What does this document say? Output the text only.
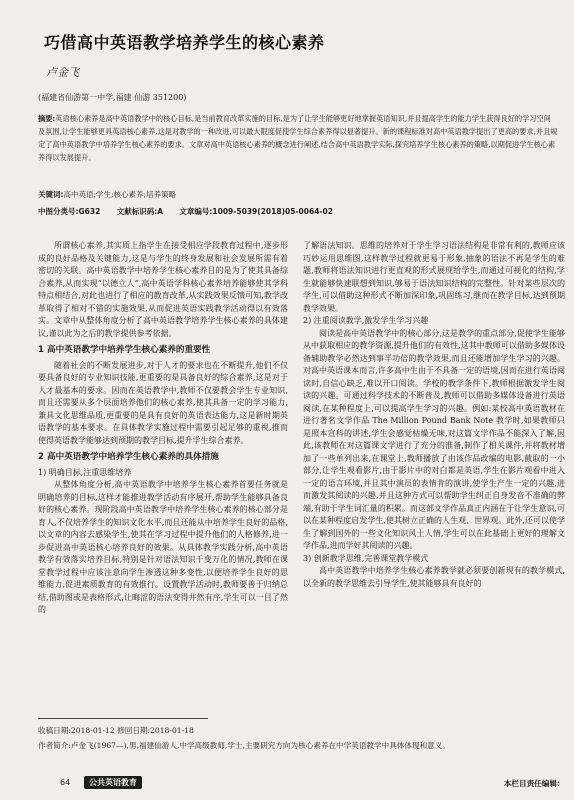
巧借高中英语教学培养学生的核心素养
卢金飞
(福建省仙游第一中学,福建 仙游 351200)
摘要:英语核心素养是高中英语教学中的核心目标,是当前教育改革实施的目标,是为了让学生能够更好地掌握英语知识,并且提高学生的能力学生获得良好的学习空间及氛围,让学生能够更具英语核心素养,这是对教学的一种改进,可以最大限度促使学生综合素养得以显著提升。新的课程标准对高中英语教学提出了更高的要求,并且规定了高中英语教学中培养学生核心素养的要求。文章对高中英语核心素养的概念进行阐述,结合高中英语教学实际,探究培养学生核心素养的策略,以期促进学生核心素养得以发展提升。
关键词:高中英语;学生;核心素养;培养策略
中图分类号:G632 文献标识码:A 文章编号:1009-5039(2018)05-0064-02

所谓核心素养,其实质上指学生在接受相应学段教育过程中,逐步形成的良好品格及关键能力,这是与学生的终身发展和社会发展所需有着密切的关联。高中英语教学中培养学生核心素养目的是为了使其具备综合素养,从而实现“以德立人”,高中英语学科核心素养培养能够使其学科特点相结合,对此也进行了相应的教育改革,从实践效果反馈可知,教学改革取得了相对不错的实施效果,从而促进英语实践教学活动得以有效落实。文章中从整体角度分析了高中英语教学培养学生核心素养的具体建议,谨以此为之后的教学提供参考依据。

1 高中英语教学中培养学生核心素养的重要性

随着社会的不断发展进步,对于人才的要求也在不断提升,他们不仅要具备良好的专业知识技能,更重要的是具备良好的综合素养,这是对于人才最基本的要求。因而在英语教学中,教师不仅要教会学生专业知识,而且还需要从多个层面培养他们的核心素养,使其具备一定的学习能力,兼具文化思维品质,更重要的是具有良好的英语表达能力,这是新时期英语教学的基本要求。在具体教学实施过程中需要引起足够的重视,推而使得英语教学能够达到预期的教学目标,提升学生综合素养。

2 高中英语教学中培养学生核心素养的具体措施

1) 明确目标,注重思维培养

从整体角度分析,高中英语教学中培养学生核心素养首要任务就是明确培养的目标,这样才能推进教学活动有序展开,帮助学生能够具备良好的核心素养。现阶段高中英语教学中培养学生核心素养的核心部分是育人,不仅培养学生的知识文化水平,而且还能从中培养学生良好的品格,以文章的内容去感染学生,使其在学习过程中提升他们的人格修养,进一步促进高中英语核心培养良好的效果。从具体教学实践分析,高中英语教学有效落实培养目标,特别是针对语法知识千变万化的情况,教师在课堂教学过程中应该注意向学生渗透这种多变性,以便培养学生良好的思维能力,促进素质教育的有效推行。设置教学活动时,教师要善于归纳总结,借助图或是表格形式,让晦涩的语法变得井然有序,学生可以一目了然的

了解语法知识。思维的培养对于学生学习语法结构是非常有利的,教师应该巧妙运用思维图,这样教学过程就更易于形象,抽象的语法不再是学生的难题,教师将语法知识进行更直观的形式展现给学生,而通过可视化的结构,学生就能够快速联想到知识,够易于语法知识结构的完整性。针对某些层次的学生,可以借助这种形式不断加深印象,巩固练习,继而在教学目标,达到预期教学效果。

2) 注重阅读教学,激发学生学习兴趣

阅读是高中英语教学中的核心部分,这是教学的重点部分,促使学生能够从中获取相应的教学资源,提升他们的有效性,这其中教师可以借助多媒体设备辅助教学必然达到事半功倍的教学效果,而且还能增加学生学习的兴趣。对高中英语课本而言,许多高中生由于不具备一定的语境,因而在进行英语阅读时,自信心缺乏,难以开口阅读。学校的教学条件下,教师根据激发学生阅读的兴趣。可通过科学技术的不断普及,教师可以借助多媒体设备进行英语阅读,在某种程度上,可以提高学生学习的兴趣。例如:某校高中英语教材在进行著名文学作品 The Million Pound Bank Note 教学时,如果教师只是照本宣科的讲述,学生会感觉枯燥无味,对这篇文学作品不能深入了解,因此,该教师在对这篇课文学进行了充分的准备,制作了相关课件,并将教材增加了一些单列出来,在课堂上,教师播放了由该作品改编的电影,截取的一小部分,让学生观看影片,由于影片中的对白都是英语,学生在影片观看中进入一定的语言环境,并且其中演员的表情肯的演讲,使学生产生一定的兴趣,进而激发其阅读的兴趣,并且这种方式可以帮助学生纠正自身发音不准确的弊端,有助于学生词汇量的积累。而这部文学作品真正内涵在于让学生意识,可以在某种程度启发学生,使其树立正确的人生观、世界观。此外,还可以使学生了解到国外的一些文化知识风土人情,学生可以在此基础上更好的理解文学作品,进而学好其阅读的兴趣。

3) 创新教学思维,完善课堂教学模式

高中英语教学中培养学生核心素养教学就必须要创新现有的教学模式,以全新的教学思维去引导学生,使其能够具有良好的

收稿日期:2018-01-12 修回日期:2018-01-18
作者简介:卢金飞(1967—),男,福建仙游人,中学高级教师,学士,主要研究方向为核心素养在中学英语教学中具体体现和意义。
64	公共英语教育	本栏目责任编辑:
